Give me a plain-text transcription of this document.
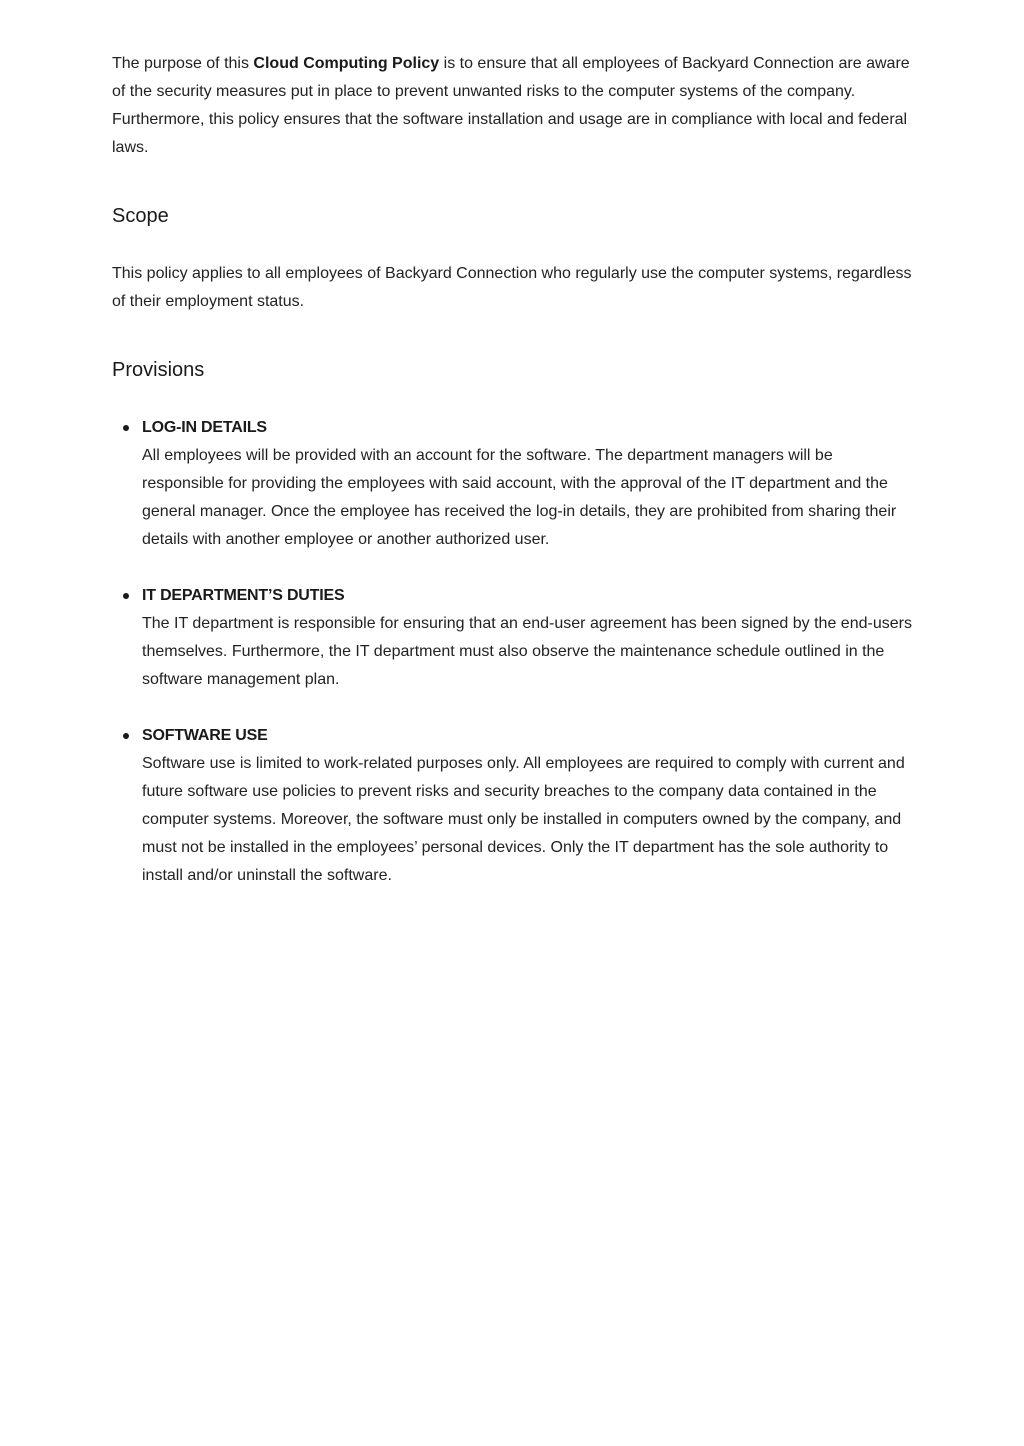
The purpose of this Cloud Computing Policy is to ensure that all employees of Backyard Connection are aware of the security measures put in place to prevent unwanted risks to the computer systems of the company. Furthermore, this policy ensures that the software installation and usage are in compliance with local and federal laws.

Scope

This policy applies to all employees of Backyard Connection who regularly use the computer systems, regardless of their employment status.

Provisions
LOG-IN DETAILS
All employees will be provided with an account for the software. The department managers will be responsible for providing the employees with said account, with the approval of the IT department and the general manager. Once the employee has received the log-in details, they are prohibited from sharing their details with another employee or another authorized user.
IT DEPARTMENT’S DUTIES
The IT department is responsible for ensuring that an end-user agreement has been signed by the end-users themselves. Furthermore, the IT department must also observe the maintenance schedule outlined in the software management plan.
SOFTWARE USE
Software use is limited to work-related purposes only. All employees are required to comply with current and future software use policies to prevent risks and security breaches to the company data contained in the computer systems. Moreover, the software must only be installed in computers owned by the company, and must not be installed in the employees’ personal devices. Only the IT department has the sole authority to install and/or uninstall the software.
